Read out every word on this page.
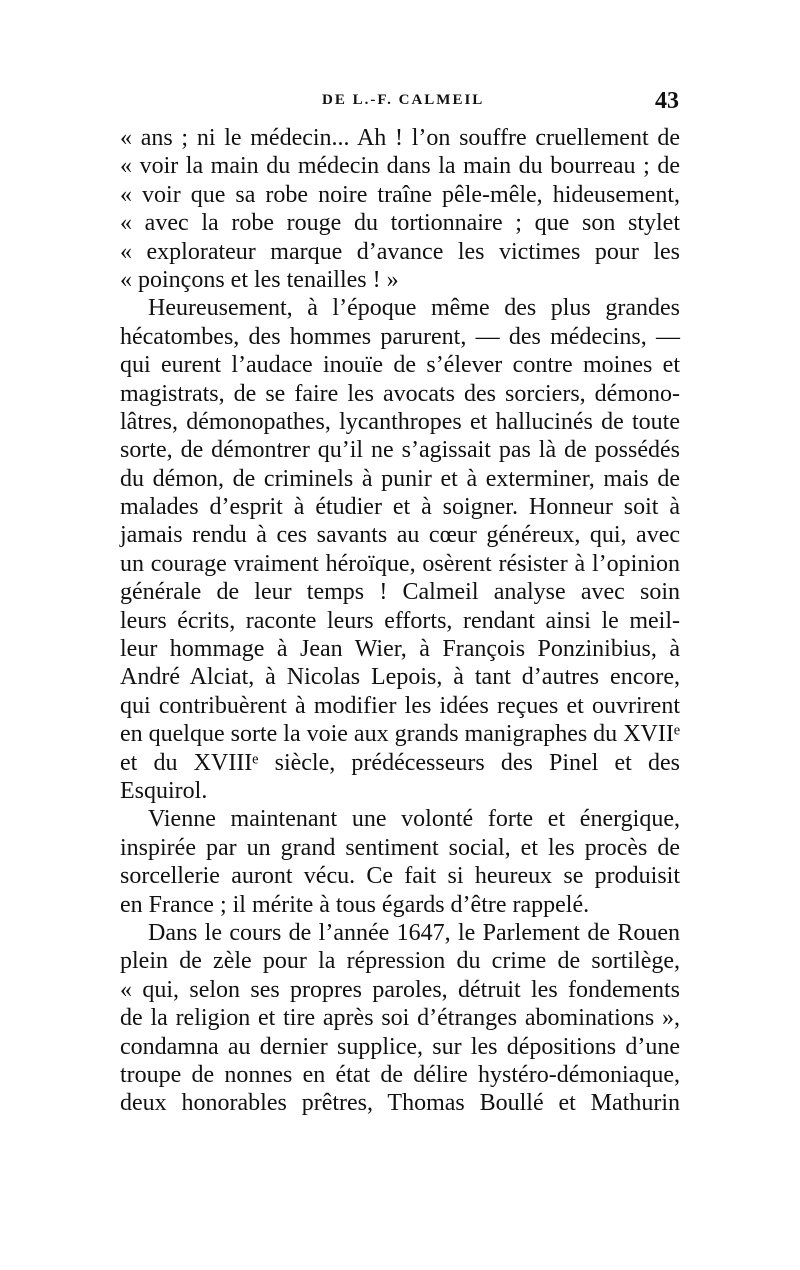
DE L.-F. CALMEIL	43
« ans ; ni le médecin... Ah ! l’on souffre cruellement de
« voir la main du médecin dans la main du bourreau ; de
« voir que sa robe noire traîne pêle-mêle, hideusement,
« avec la robe rouge du tortionnaire ; que son stylet
« explorateur marque d’avance les victimes pour les
« poinçons et les tenailles ! »
Heureusement, à l’époque même des plus grandes
hécatombes, des hommes parurent, — des médecins, —
qui eurent l’audace inouïe de s’élever contre moines et
magistrats, de se faire les avocats des sorciers, démono-
lâtres, démonopathes, lycanthropes et hallucinés de toute
sorte, de démontrer qu’il ne s’agissait pas là de possédés
du démon, de criminels à punir et à exterminer, mais de
malades d’esprit à étudier et à soigner. Honneur soit à
jamais rendu à ces savants au cœur généreux, qui, avec
un courage vraiment héroïque, osèrent résister à l’opinion
générale de leur temps ! Calmeil analyse avec soin
leurs écrits, raconte leurs efforts, rendant ainsi le meil-
leur hommage à Jean Wier, à François Ponzinibius, à
André Alciat, à Nicolas Lepois, à tant d’autres encore,
qui contribuèrent à modifier les idées reçues et ouvrirent
en quelque sorte la voie aux grands manigraphes du XVIIᵉ
et du XVIIIᵉ siècle, prédécesseurs des Pinel et des
Esquirol.
Vienne maintenant une volonté forte et énergique,
inspirée par un grand sentiment social, et les procès de
sorcellerie auront vécu. Ce fait si heureux se produisit
en France ; il mérite à tous égards d’être rappelé.
Dans le cours de l’année 1647, le Parlement de Rouen
plein de zèle pour la répression du crime de sortilège,
« qui, selon ses propres paroles, détruit les fondements
de la religion et tire après soi d’étranges abominations »,
condamna au dernier supplice, sur les dépositions d’une
troupe de nonnes en état de délire hystéro-démoniaque,
deux honorables prêtres, Thomas Boullé et Mathurin
